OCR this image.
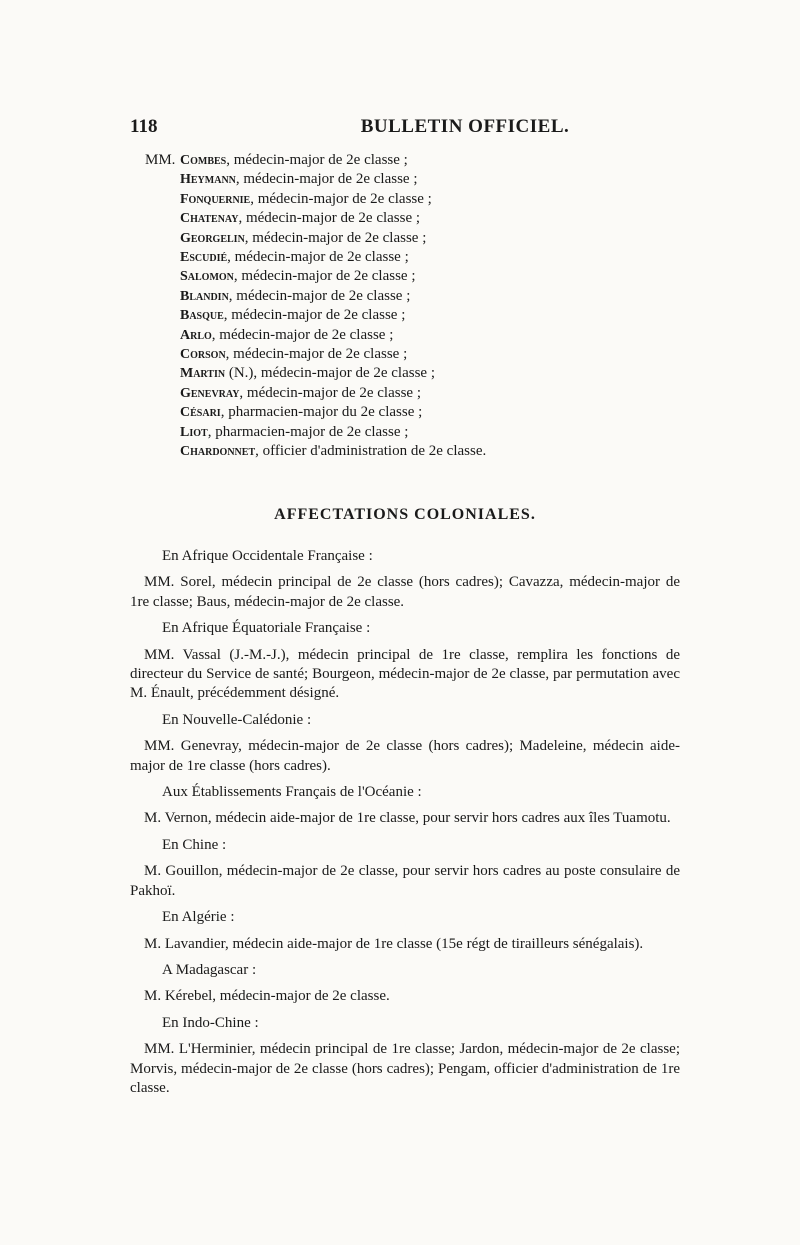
118	BULLETIN OFFICIEL.
MM. Combes, médecin-major de 2e classe ;
Heymann, médecin-major de 2e classe ;
Fonquernie, médecin-major de 2e classe ;
Chatenay, médecin-major de 2e classe ;
Georgelin, médecin-major de 2e classe ;
Escudié, médecin-major de 2e classe ;
Salomon, médecin-major de 2e classe ;
Blandin, médecin-major de 2e classe ;
Basque, médecin-major de 2e classe ;
Arlo, médecin-major de 2e classe ;
Corson, médecin-major de 2e classe ;
Martin (N.), médecin-major de 2e classe ;
Genevray, médecin-major de 2e classe ;
Césari, pharmacien-major du 2e classe ;
Liot, pharmacien-major de 2e classe ;
Chardonnet, officier d'administration de 2e classe.
AFFECTATIONS COLONIALES.
En Afrique Occidentale Française :
MM. Sorel, médecin principal de 2e classe (hors cadres); Cavazza, médecin-major de 1re classe; Baus, médecin-major de 2e classe.
En Afrique Équatoriale Française :
MM. Vassal (J.-M.-J.), médecin principal de 1re classe, remplira les fonctions de directeur du Service de santé; Bourgeon, médecin-major de 2e classe, par permutation avec M. Énault, précédemment désigné.
En Nouvelle-Calédonie :
MM. Genevray, médecin-major de 2e classe (hors cadres); Madeleine, médecin aide-major de 1re classe (hors cadres).
Aux Établissements Français de l'Océanie :
M. Vernon, médecin aide-major de 1re classe, pour servir hors cadres aux îles Tuamotu.
En Chine :
M. Gouillon, médecin-major de 2e classe, pour servir hors cadres au poste consulaire de Pakhoï.
En Algérie :
M. Lavandier, médecin aide-major de 1re classe (15e régt de tirailleurs sénégalais).
A Madagascar :
M. Kérebel, médecin-major de 2e classe.
En Indo-Chine :
MM. L'Herminier, médecin principal de 1re classe; Jardon, médecin-major de 2e classe; Morvis, médecin-major de 2e classe (hors cadres); Pengam, officier d'administration de 1re classe.
